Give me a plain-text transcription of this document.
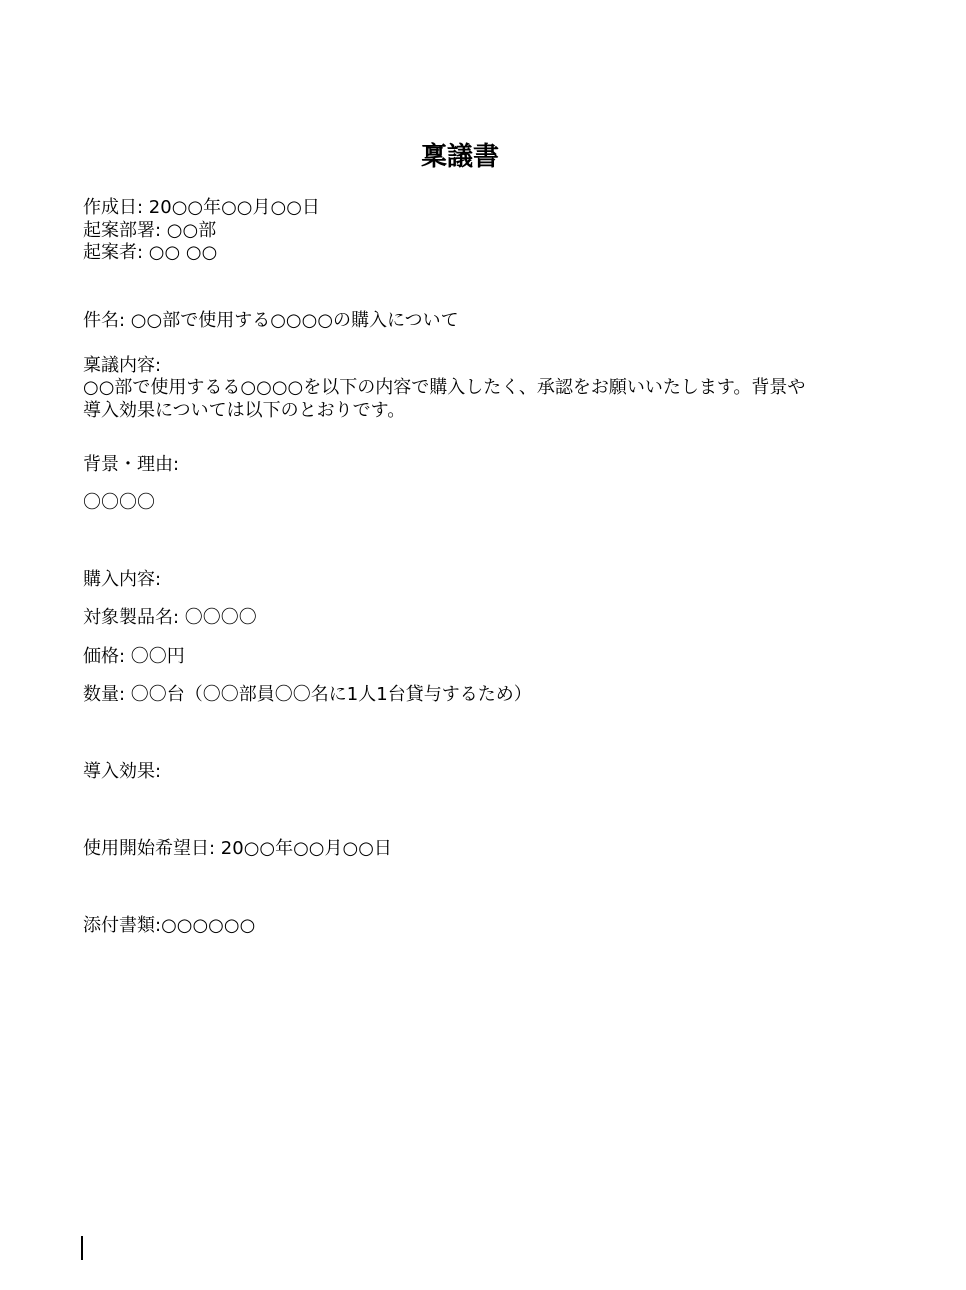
稟議書
作成日: 20○○年○○月○○日
起案部署: ○○部
起案者: ○○ ○○
件名: ○○部で使用する○○○○の購入について
稟議内容:
○○部で使用するる○○○○を以下の内容で購入したく、承認をお願いいたします。背景や
導入効果については以下のとおりです。
背景・理由:
〇〇〇〇
購入内容:
対象製品名: 〇〇〇〇
価格: 〇〇円
数量: 〇〇台（〇〇部員〇〇名に1人1台貸与するため）
導入効果:
使用開始希望日: 20○○年○○月○○日
添付書類:○○○○○○
